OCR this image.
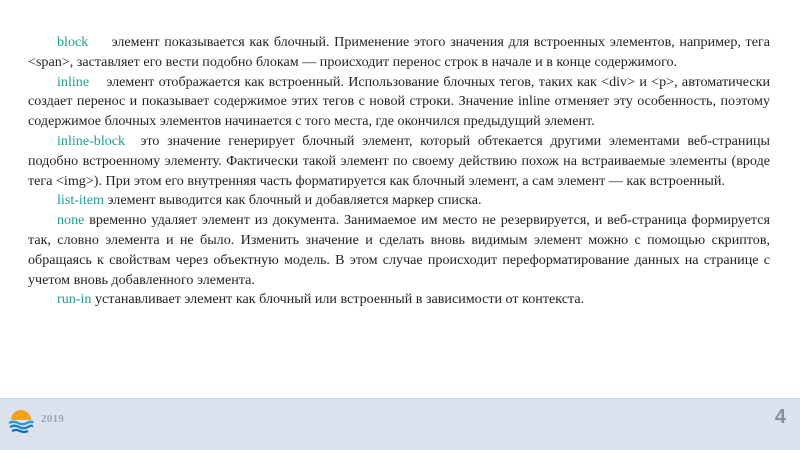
block элемент показывается как блочный. Применение этого значения для встроенных элементов, например, тега <span>, заставляет его вести подобно блокам — происходит перенос строк в начале и в конце содержимого.

inline элемент отображается как встроенный. Использование блочных тегов, таких как <div> и <p>, автоматически создает перенос и показывает содержимое этих тегов с новой строки. Значение inline отменяет эту особенность, поэтому содержимое блочных элементов начинается с того места, где окончился предыдущий элемент.

inline-block это значение генерирует блочный элемент, который обтекается другими элементами веб-страницы подобно встроенному элементу. Фактически такой элемент по своему действию похож на встраиваемые элементы (вроде тега <img>). При этом его внутренняя часть форматируется как блочный элемент, а сам элемент — как встроенный.

list-item элемент выводится как блочный и добавляется маркер списка.

none временно удаляет элемент из документа. Занимаемое им место не резервируется, и веб-страница формируется так, словно элемента и не было. Изменить значение и сделать вновь видимым элемент можно с помощью скриптов, обращаясь к свойствам через объектную модель. В этом случае происходит переформатирование данных на странице с учетом вновь добавленного элемента.

run-in устанавливает элемент как блочный или встроенный в зависимости от контекста.

2019	4
